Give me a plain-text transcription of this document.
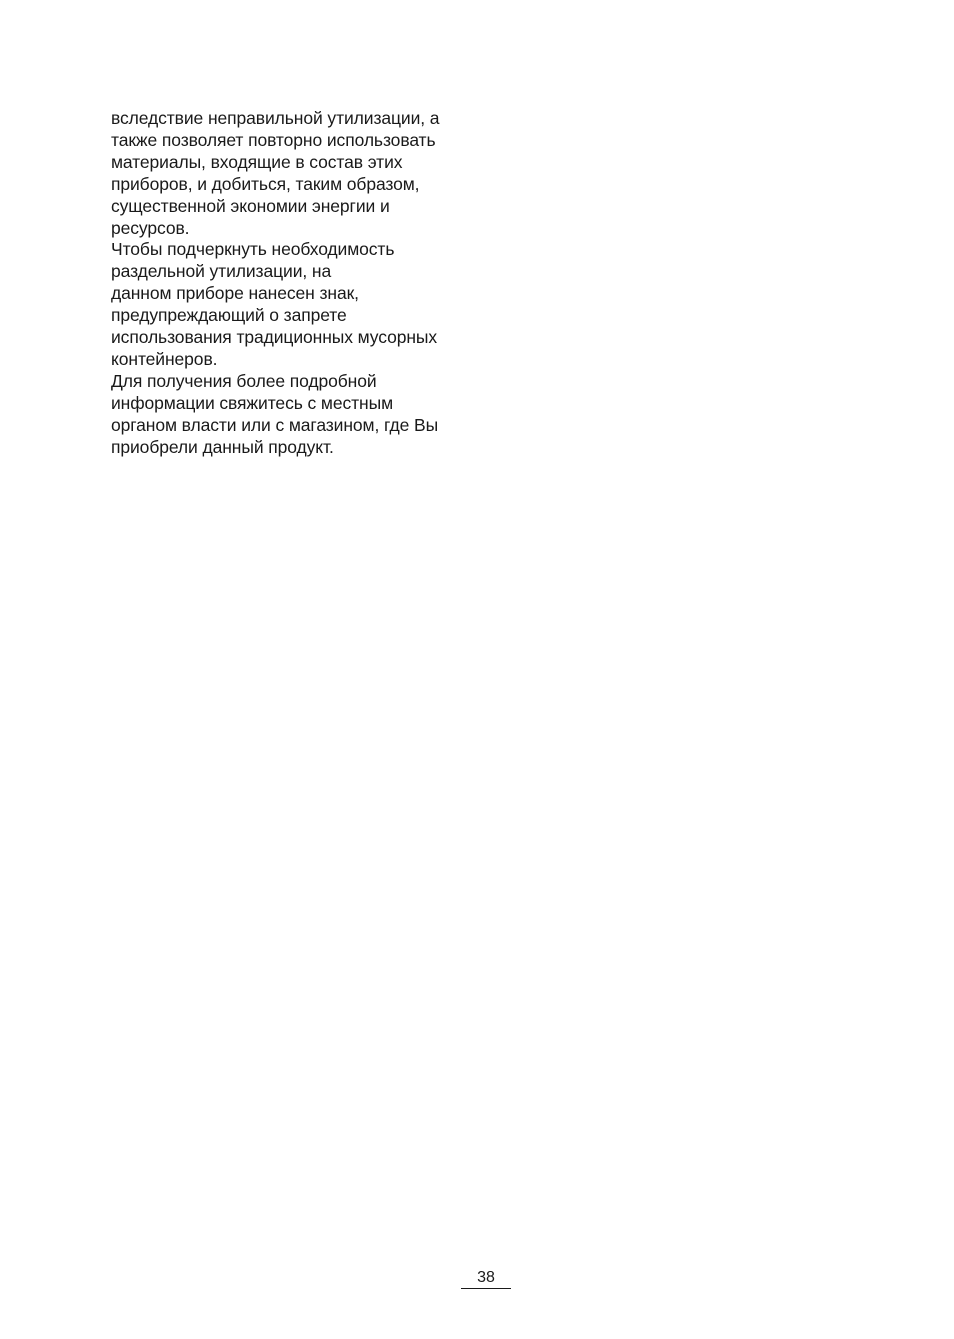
вследствие неправильной утилизации, а
также позволяет повторно использовать
материалы, входящие в состав этих
приборов, и добиться, таким образом,
существенной экономии энергии и
ресурсов.

Чтобы подчеркнуть необходимость
раздельной утилизации, на
данном приборе нанесен знак,
предупреждающий о запрете
использования традиционных мусорных
контейнеров.

Для получения более подробной
информации свяжитесь с местным
органом власти или с магазином, где Вы
приобрели данный продукт.

38
